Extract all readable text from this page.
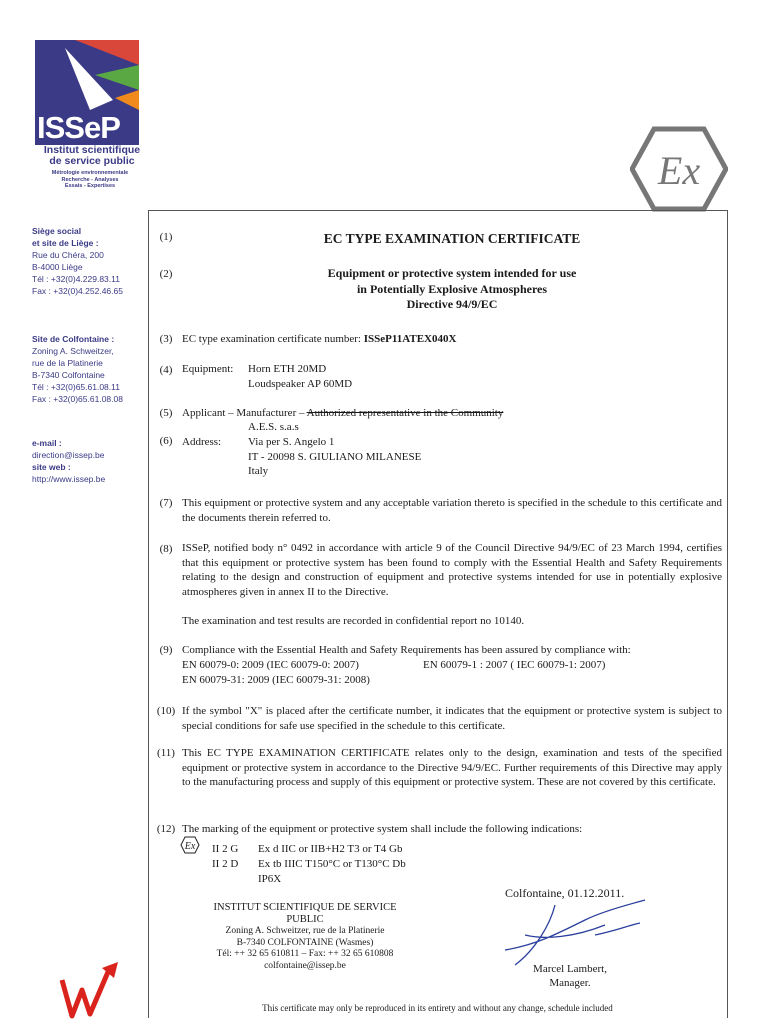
ISSeP
Institut scientifique
de service public
Métrologie environnementale
Recherche - Analyses
Essais - Expertises	Ex
Siège social
et site de Liège :
Rue du Chéra, 200
B-4000 Liège
Tél : +32(0)4.229.83.11
Fax : +32(0)4.252.46.65
Site de Colfontaine :
Zoning A. Schweitzer,
rue de la Platinerie
B-7340 Colfontaine
Tél : +32(0)65.61.08.11
Fax : +32(0)65.61.08.08
e-mail :
direction@issep.be
site web :
http://www.issep.be
(1)	EC TYPE EXAMINATION CERTIFICATE
(2)	Equipment or protective system intended for use
in Potentially Explosive Atmospheres
Directive 94/9/EC
(3) EC type examination certificate number: ISSeP11ATEX040X
(4) Equipment:	Horn ETH 20MD
Loudspeaker AP 60MD
(5) Applicant – Manufacturer – Authorized representative in the Community
A.E.S. s.a.s
(6) Address:	Via per S. Angelo 1
IT - 20098 S. GIULIANO MILANESE
Italy
(7) This equipment or protective system and any acceptable variation thereto is specified in the schedule to this certificate and the documents therein referred to.
(8) ISSeP, notified body n° 0492 in accordance with article 9 of the Council Directive 94/9/EC of 23 March 1994, certifies that this equipment or protective system has been found to comply with the Essential Health and Safety Requirements relating to the design and construction of equipment and protective systems intended for use in potentially explosive atmospheres given in annex II to the Directive.
The examination and test results are recorded in confidential report no 10140.
(9) Compliance with the Essential Health and Safety Requirements has been assured by compliance with:
EN 60079-0: 2009 (IEC 60079-0: 2007)	EN 60079-1 : 2007 ( IEC 60079-1: 2007)
EN 60079-31: 2009 (IEC 60079-31: 2008)
(10) If the symbol "X" is placed after the certificate number, it indicates that the equipment or protective system is subject to special conditions for safe use specified in the schedule to this certificate.
(11) This EC TYPE EXAMINATION CERTIFICATE relates only to the design, examination and tests of the specified equipment or protective system in accordance to the Directive 94/9/EC. Further requirements of this Directive may apply to the manufacturing process and supply of this equipment or protective system. These are not covered by this certificate.
(12) The marking of the equipment or protective system shall include the following indications:
Ex II 2 G	Ex d IIC or IIB+H2 T3 or T4 Gb
II 2 D	Ex tb IIIC T150°C or T130°C Db
IP6X
INSTITUT SCIENTIFIQUE DE SERVICE
PUBLIC
Zoning A. Schweitzer, rue de la Platinerie
B-7340 COLFONTAINE (Wasmes)
Tél: ++ 32 65 610811 – Fax: ++ 32 65 610808
colfontaine@issep.be
Colfontaine, 01.12.2011.
Marcel Lambert,
Manager.
This certificate may only be reproduced in its entirety and without any change, schedule included
